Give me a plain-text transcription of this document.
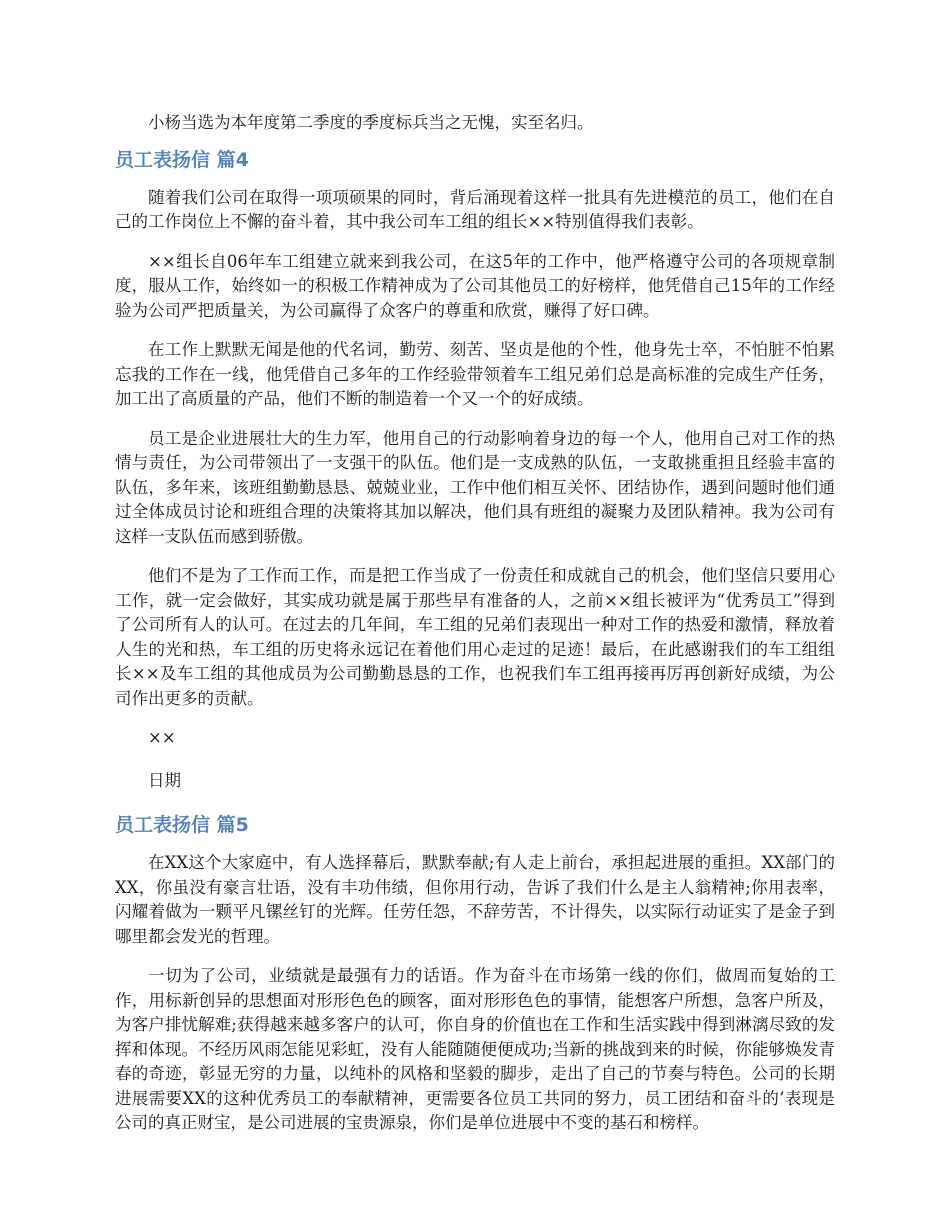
小杨当选为本年度第二季度的季度标兵当之无愧，实至名归。

员工表扬信 篇4

随着我们公司在取得一项项硕果的同时，背后涌现着这样一批具有先进模范的员工，他们在自己的工作岗位上不懈的奋斗着，其中我公司车工组的组长××特别值得我们表彰。

××组长自06年车工组建立就来到我公司，在这5年的工作中，他严格遵守公司的各项规章制度，服从工作，始终如一的积极工作精神成为了公司其他员工的好榜样，他凭借自己15年的工作经验为公司严把质量关，为公司赢得了众客户的尊重和欣赏，赚得了好口碑。

在工作上默默无闻是他的代名词，勤劳、刻苦、坚贞是他的个性，他身先士卒，不怕脏不怕累忘我的工作在一线，他凭借自己多年的工作经验带领着车工组兄弟们总是高标准的完成生产任务，加工出了高质量的产品，他们不断的制造着一个又一个的好成绩。

员工是企业进展壮大的生力军，他用自己的行动影响着身边的每一个人，他用自己对工作的热情与责任，为公司带领出了一支强干的队伍。他们是一支成熟的队伍，一支敢挑重担且经验丰富的队伍，多年来，该班组勤勤恳恳、兢兢业业，工作中他们相互关怀、团结协作，遇到问题时他们通过全体成员讨论和班组合理的决策将其加以解决，他们具有班组的凝聚力及团队精神。我为公司有这样一支队伍而感到骄傲。

他们不是为了工作而工作，而是把工作当成了一份责任和成就自己的机会，他们坚信只要用心工作，就一定会做好，其实成功就是属于那些早有准备的人，之前××组长被评为“优秀员工”得到了公司所有人的认可。在过去的几年间，车工组的兄弟们表现出一种对工作的热爱和激情，释放着人生的光和热，车工组的历史将永远记在着他们用心走过的足迹！最后，在此感谢我们的车工组组长××及车工组的其他成员为公司勤勤恳恳的工作，也祝我们车工组再接再厉再创新好成绩，为公司作出更多的贡献。

××

日期

员工表扬信 篇5

在XX这个大家庭中，有人选择幕后，默默奉献;有人走上前台，承担起进展的重担。XX部门的XX，你虽没有豪言壮语，没有丰功伟绩，但你用行动，告诉了我们什么是主人翁精神;你用表率，闪耀着做为一颗平凡镙丝钉的光辉。任劳任怨，不辞劳苦，不计得失，以实际行动证实了是金子到哪里都会发光的哲理。

一切为了公司，业绩就是最强有力的话语。作为奋斗在市场第一线的你们，做周而复始的工作，用标新创异的思想面对形形色色的顾客，面对形形色色的事情，能想客户所想，急客户所及，为客户排忧解难;获得越来越多客户的认可，你自身的价值也在工作和生活实践中得到淋漓尽致的发挥和体现。不经历风雨怎能见彩虹，没有人能随随便便成功;当新的挑战到来的时候，你能够焕发青春的奇迹，彰显无穷的力量，以纯朴的风格和坚毅的脚步，走出了自己的节奏与特色。公司的长期进展需要XX的这种优秀员工的奉献精神，更需要各位员工共同的努力，员工团结和奋斗的’表现是公司的真正财宝，是公司进展的宝贵源泉，你们是单位进展中不变的基石和榜样。
